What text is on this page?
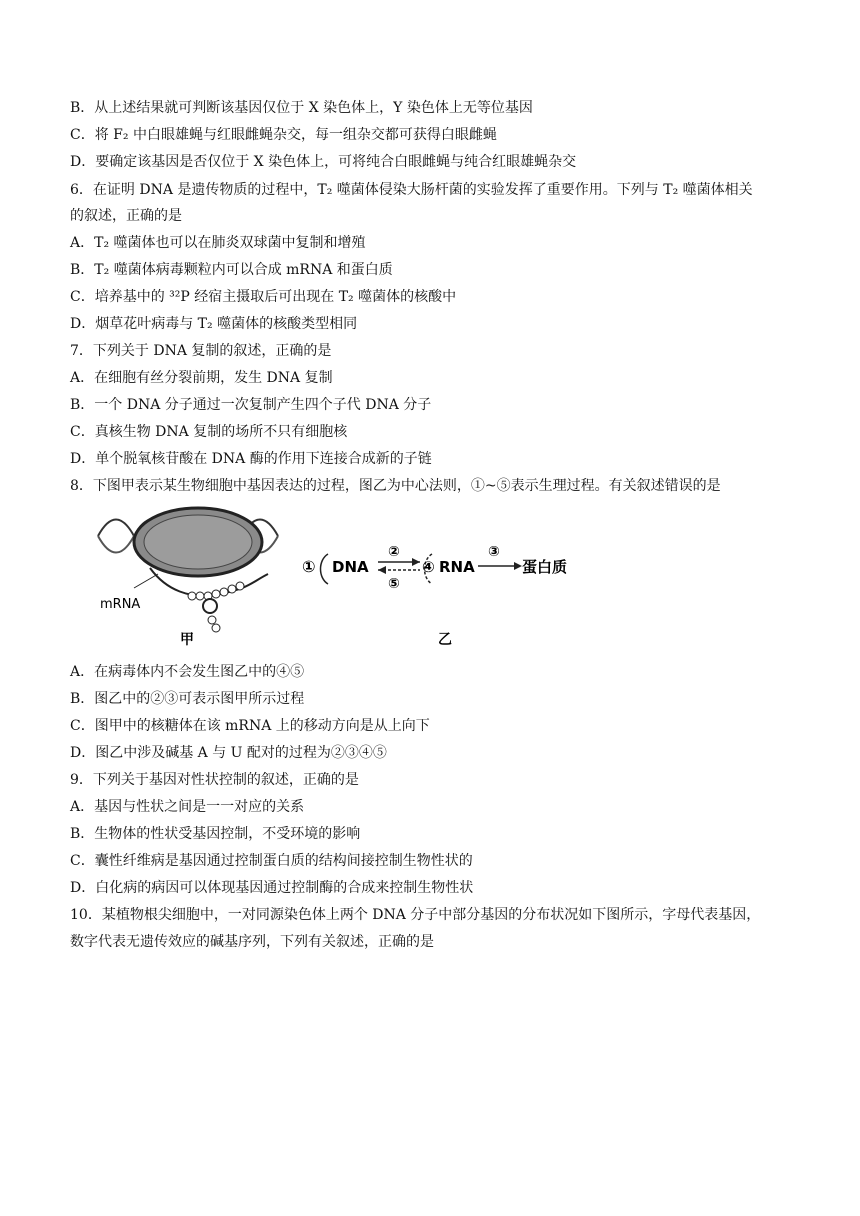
B．从上述结果就可判断该基因仅位于 X 染色体上，Y 染色体上无等位基因
C．将 F₂ 中白眼雄蝇与红眼雌蝇杂交，每一组杂交都可获得白眼雌蝇
D．要确定该基因是否仅位于 X 染色体上，可将纯合白眼雌蝇与纯合红眼雄蝇杂交
6．在证明 DNA 是遗传物质的过程中，T₂ 噬菌体侵染大肠杆菌的实验发挥了重要作用。下列与 T₂ 噬菌体相关
的叙述，正确的是
A．T₂ 噬菌体也可以在肺炎双球菌中复制和增殖
B．T₂ 噬菌体病毒颗粒内可以合成 mRNA 和蛋白质
C．培养基中的 ³²P 经宿主摄取后可出现在 T₂ 噬菌体的核酸中
D．烟草花叶病毒与 T₂ 噬菌体的核酸类型相同
7．下列关于 DNA 复制的叙述，正确的是
A．在细胞有丝分裂前期，发生 DNA 复制
B．一个 DNA 分子通过一次复制产生四个子代 DNA 分子
C．真核生物 DNA 复制的场所不只有细胞核
D．单个脱氧核苷酸在 DNA 酶的作用下连接合成新的子链
8．下图甲表示某生物细胞中基因表达的过程，图乙为中心法则，①~⑤表示生理过程。有关叙述错误的是
mRNA
甲
① DNA
②
⑤
④ RNA
③
蛋白质
乙
A．在病毒体内不会发生图乙中的④⑤
B．图乙中的②③可表示图甲所示过程
C．图甲中的核糖体在该 mRNA 上的移动方向是从上向下
D．图乙中涉及碱基 A 与 U 配对的过程为②③④⑤
9．下列关于基因对性状控制的叙述，正确的是
A．基因与性状之间是一一对应的关系
B．生物体的性状受基因控制，不受环境的影响
C．囊性纤维病是基因通过控制蛋白质的结构间接控制生物性状的
D．白化病的病因可以体现基因通过控制酶的合成来控制生物性状
10．某植物根尖细胞中，一对同源染色体上两个 DNA 分子中部分基因的分布状况如下图所示，字母代表基因，
数字代表无遗传效应的碱基序列，下列有关叙述，正确的是
